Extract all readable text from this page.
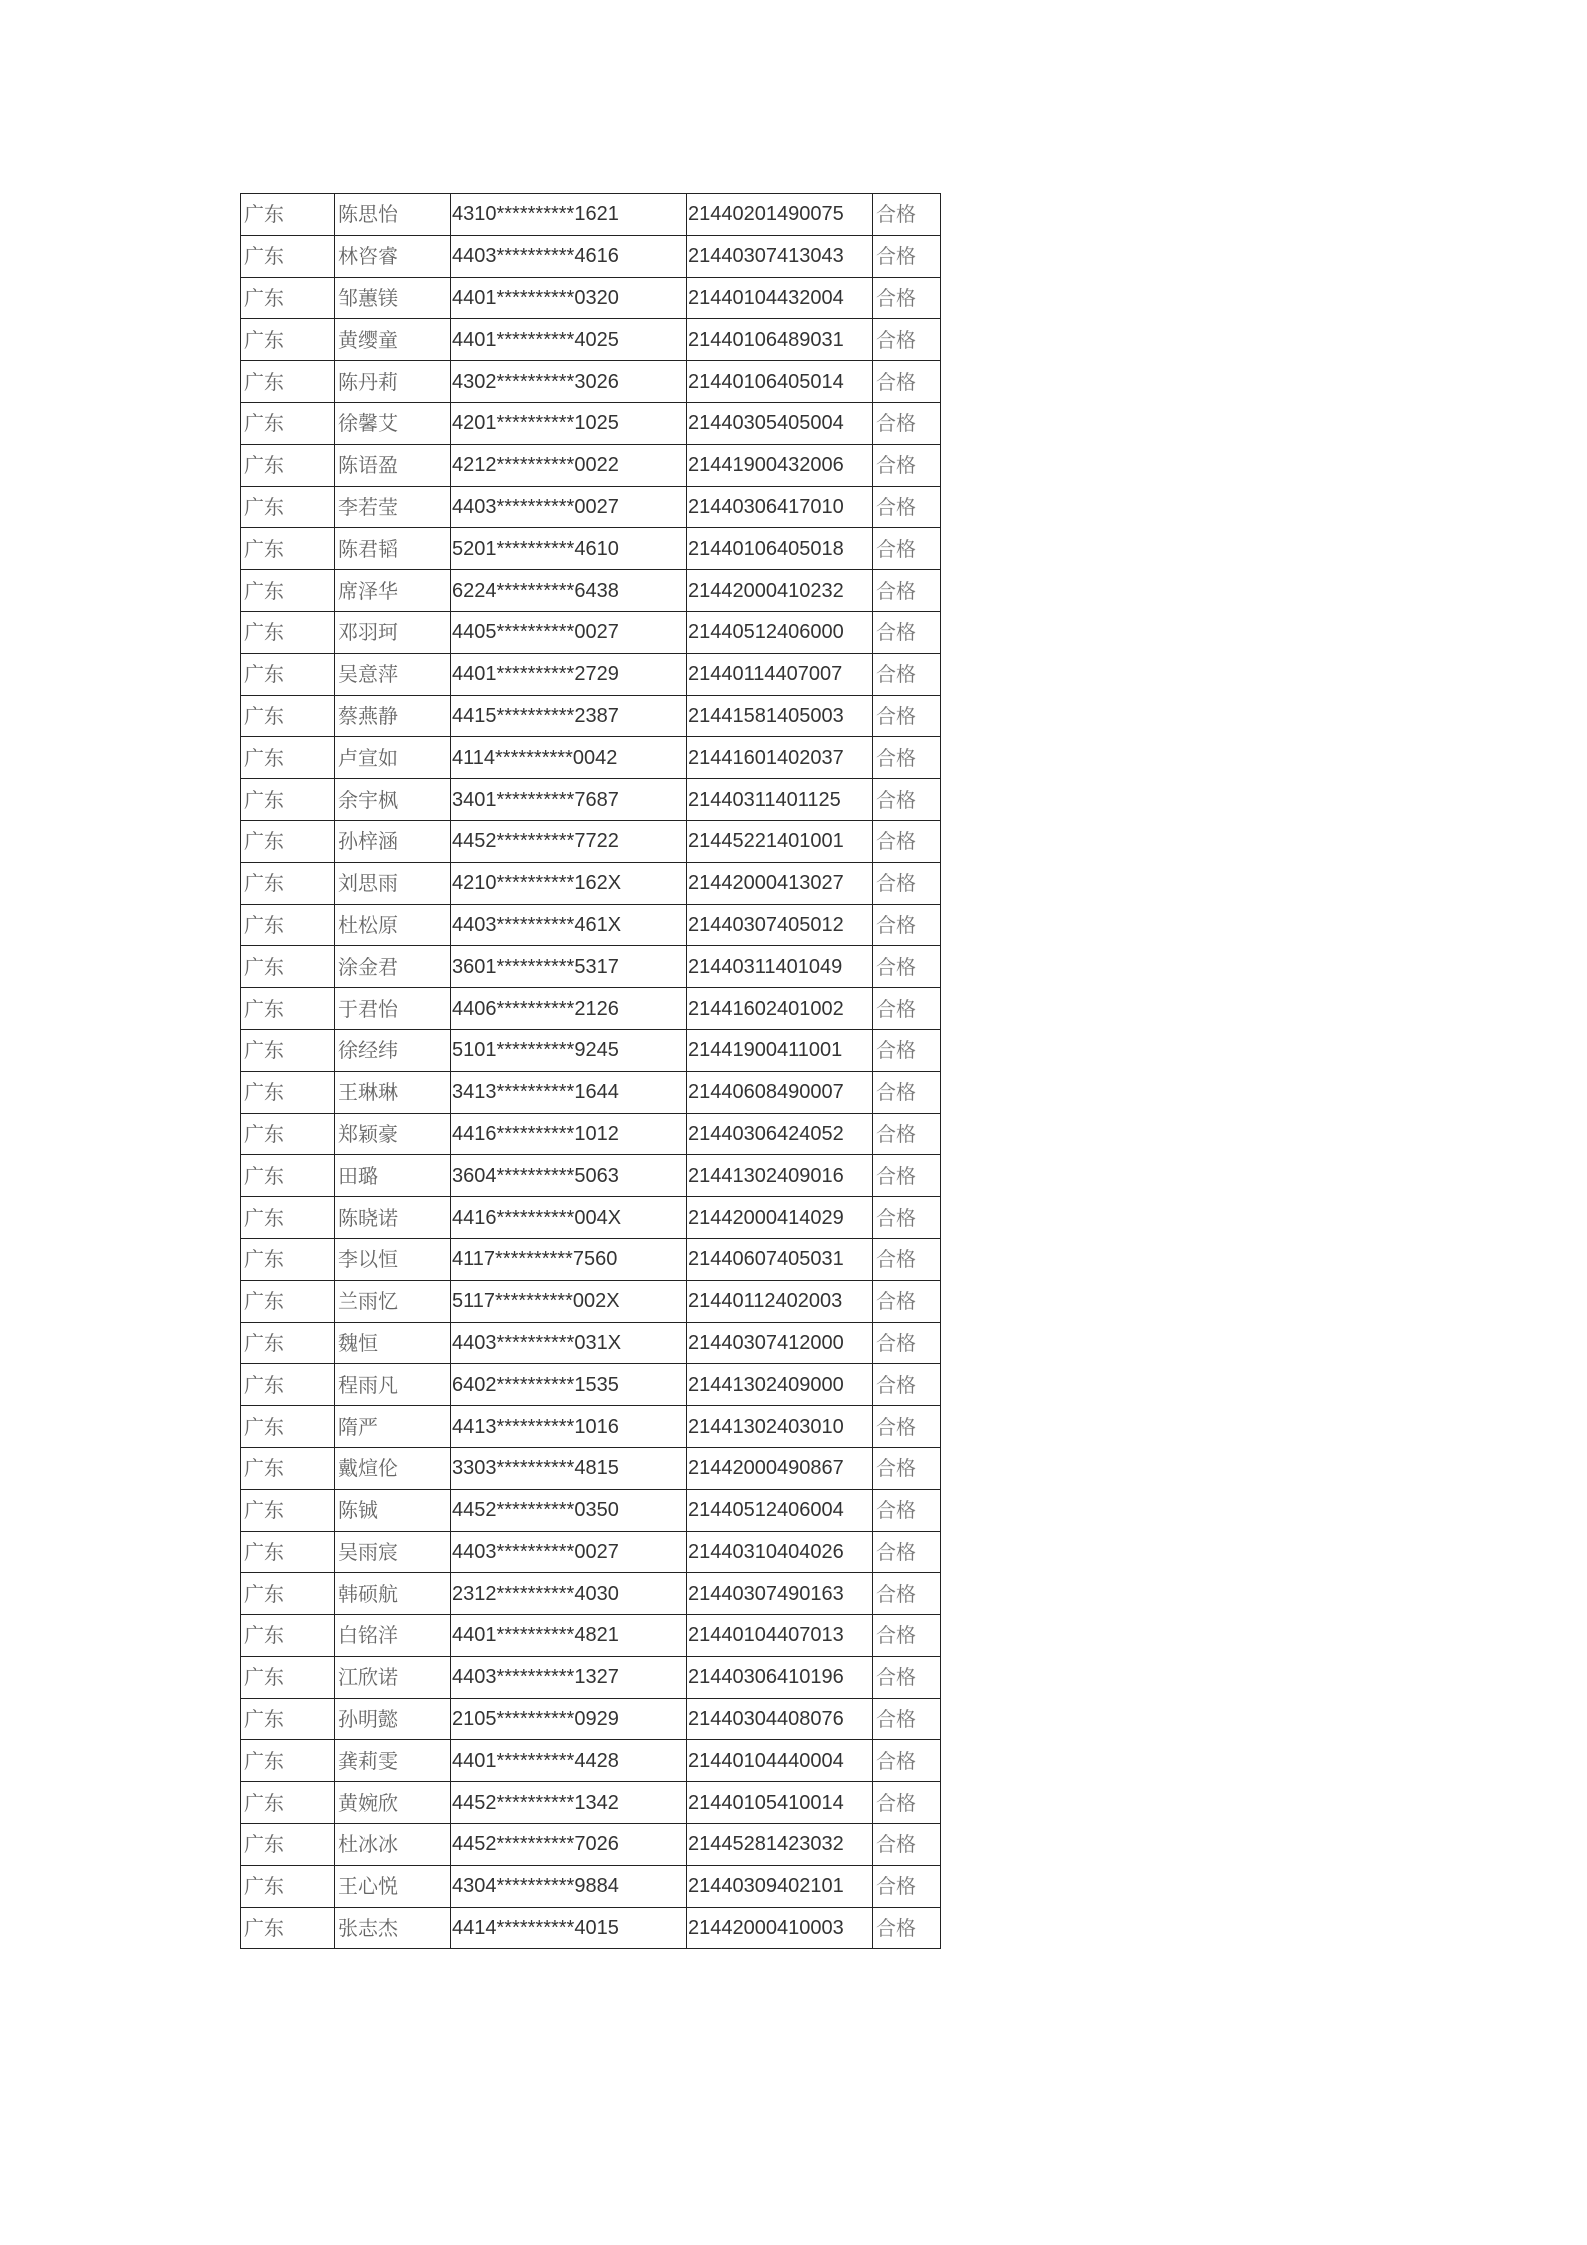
广东	陈思怡	4310**********1621	21440201490075	合格
广东	林咨睿	4403**********4616	21440307413043	合格
广东	邹蕙镁	4401**********0320	21440104432004	合格
广东	黄缨童	4401**********4025	21440106489031	合格
广东	陈丹莉	4302**********3026	21440106405014	合格
广东	徐馨艾	4201**********1025	21440305405004	合格
广东	陈语盈	4212**********0022	21441900432006	合格
广东	李若莹	4403**********0027	21440306417010	合格
广东	陈君韬	5201**********4610	21440106405018	合格
广东	席泽华	6224**********6438	21442000410232	合格
广东	邓羽珂	4405**********0027	21440512406000	合格
广东	吴意萍	4401**********2729	21440114407007	合格
广东	蔡燕静	4415**********2387	21441581405003	合格
广东	卢宣如	4114**********0042	21441601402037	合格
广东	余宇枫	3401**********7687	21440311401125	合格
广东	孙梓涵	4452**********7722	21445221401001	合格
广东	刘思雨	4210**********162X	21442000413027	合格
广东	杜松原	4403**********461X	21440307405012	合格
广东	涂金君	3601**********5317	21440311401049	合格
广东	于君怡	4406**********2126	21441602401002	合格
广东	徐经纬	5101**********9245	21441900411001	合格
广东	王琳琳	3413**********1644	21440608490007	合格
广东	郑颖豪	4416**********1012	21440306424052	合格
广东	田璐	3604**********5063	21441302409016	合格
广东	陈晓诺	4416**********004X	21442000414029	合格
广东	李以恒	4117**********7560	21440607405031	合格
广东	兰雨忆	5117**********002X	21440112402003	合格
广东	魏恒	4403**********031X	21440307412000	合格
广东	程雨凡	6402**********1535	21441302409000	合格
广东	隋严	4413**********1016	21441302403010	合格
广东	戴煊伦	3303**********4815	21442000490867	合格
广东	陈铖	4452**********0350	21440512406004	合格
广东	吴雨宸	4403**********0027	21440310404026	合格
广东	韩硕航	2312**********4030	21440307490163	合格
广东	白铭洋	4401**********4821	21440104407013	合格
广东	江欣诺	4403**********1327	21440306410196	合格
广东	孙明懿	2105**********0929	21440304408076	合格
广东	龚莉雯	4401**********4428	21440104440004	合格
广东	黄婉欣	4452**********1342	21440105410014	合格
广东	杜冰冰	4452**********7026	21445281423032	合格
广东	王心悦	4304**********9884	21440309402101	合格
广东	张志杰	4414**********4015	21442000410003	合格
